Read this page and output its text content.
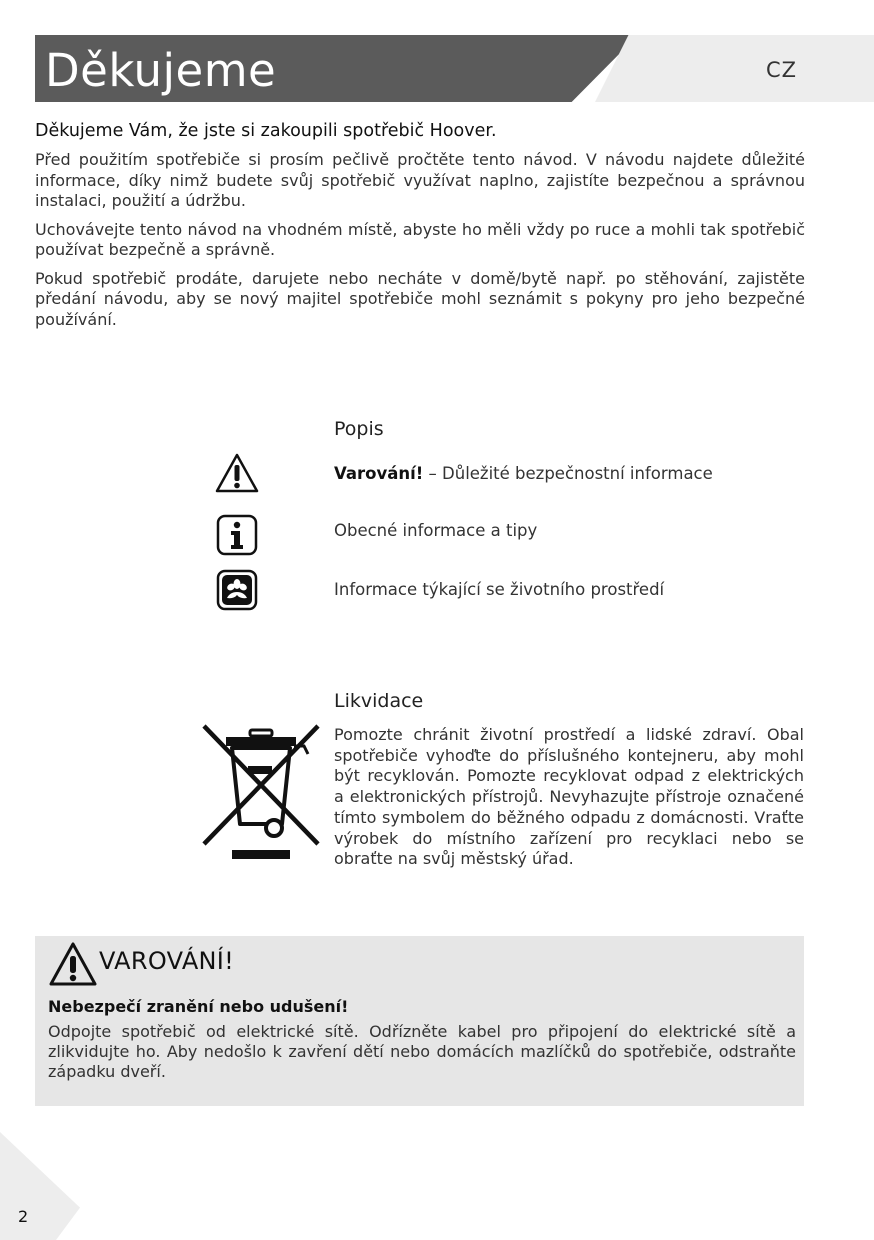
Děkujeme	CZ
Děkujeme Vám, že jste si zakoupili spotřebič Hoover.

Před použitím spotřebiče si prosím pečlivě pročtěte tento návod. V návodu najdete důležité informace, díky nimž budete svůj spotřebič využívat naplno, zajistíte bezpečnou a správnou instalaci, použití a údržbu.

Uchovávejte tento návod na vhodném místě, abyste ho měli vždy po ruce a mohli tak spotřebič používat bezpečně a správně.

Pokud spotřebič prodáte, darujete nebo necháte v domě/bytě např. po stěhování, zajistěte předání návodu, aby se nový majitel spotřebiče mohl seznámit s pokyny pro jeho bezpečné používání.

Popis
Varování! – Důležité bezpečnostní informace
Obecné informace a tipy
Informace týkající se životního prostředí
Likvidace

Pomozte chránit životní prostředí a lidské zdraví. Obal spotřebiče vyhoďte do příslušného kontejneru, aby mohl být recyklován. Pomozte recyklovat odpad z elektrických a elektronických přístrojů. Nevyhazujte přístroje označené tímto symbolem do běžného odpadu z domácnosti. Vraťte výrobek do místního zařízení pro recyklaci nebo se obraťte na svůj městský úřad.

VAROVÁNÍ!
Nebezpečí zranění nebo udušení!

Odpojte spotřebič od elektrické sítě. Odřízněte kabel pro připojení do elektrické sítě a zlikvidujte ho. Aby nedošlo k zavření dětí nebo domácích mazlíčků do spotřebiče, odstraňte západku dveří.

2
